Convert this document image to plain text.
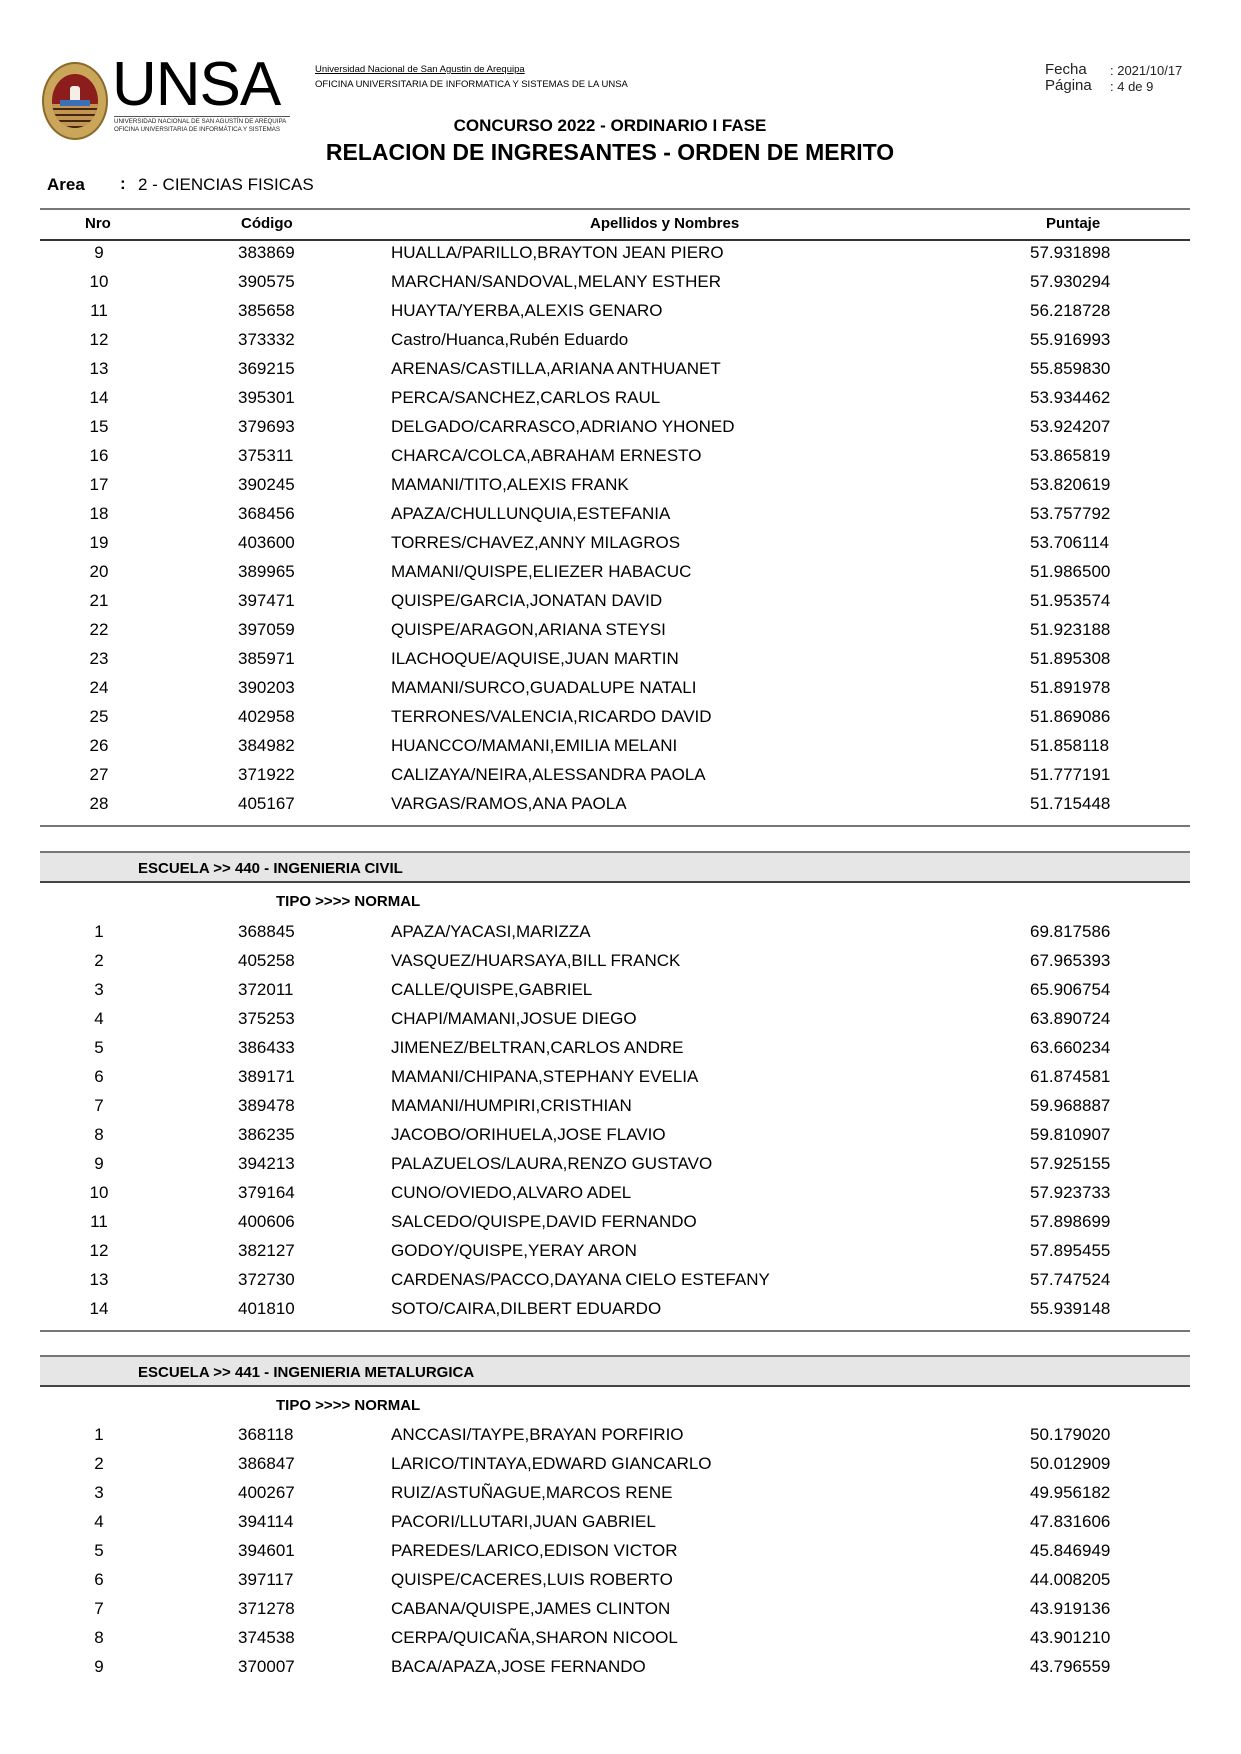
UNSA
UNIVERSIDAD NACIONAL DE SAN AGUSTÍN DE AREQUIPA
OFICINA UNIVERSITARIA DE INFORMÁTICA Y SISTEMAS
Universidad Nacional de San Agustin de Arequipa
OFICINA UNIVERSITARIA DE INFORMATICA Y SISTEMAS DE LA UNSA
Fecha : 2021/10/17
Página : 4 de 9
CONCURSO 2022 - ORDINARIO I FASE
RELACION DE INGRESANTES - ORDEN DE MERITO
Area : 2 - CIENCIAS FISICAS
Nro	Código	Apellidos y Nombres	Puntaje
9	383869	HUALLA/PARILLO,BRAYTON JEAN PIERO	57.931898
10	390575	MARCHAN/SANDOVAL,MELANY ESTHER	57.930294
11	385658	HUAYTA/YERBA,ALEXIS GENARO	56.218728
12	373332	Castro/Huanca,Rubén Eduardo	55.916993
13	369215	ARENAS/CASTILLA,ARIANA ANTHUANET	55.859830
14	395301	PERCA/SANCHEZ,CARLOS RAUL	53.934462
15	379693	DELGADO/CARRASCO,ADRIANO YHONED	53.924207
16	375311	CHARCA/COLCA,ABRAHAM ERNESTO	53.865819
17	390245	MAMANI/TITO,ALEXIS FRANK	53.820619
18	368456	APAZA/CHULLUNQUIA,ESTEFANIA	53.757792
19	403600	TORRES/CHAVEZ,ANNY MILAGROS	53.706114
20	389965	MAMANI/QUISPE,ELIEZER HABACUC	51.986500
21	397471	QUISPE/GARCIA,JONATAN DAVID	51.953574
22	397059	QUISPE/ARAGON,ARIANA STEYSI	51.923188
23	385971	ILACHOQUE/AQUISE,JUAN MARTIN	51.895308
24	390203	MAMANI/SURCO,GUADALUPE NATALI	51.891978
25	402958	TERRONES/VALENCIA,RICARDO DAVID	51.869086
26	384982	HUANCCO/MAMANI,EMILIA MELANI	51.858118
27	371922	CALIZAYA/NEIRA,ALESSANDRA PAOLA	51.777191
28	405167	VARGAS/RAMOS,ANA PAOLA	51.715448
ESCUELA >> 440 - INGENIERIA CIVIL
TIPO >>>> NORMAL
1	368845	APAZA/YACASI,MARIZZA	69.817586
2	405258	VASQUEZ/HUARSAYA,BILL FRANCK	67.965393
3	372011	CALLE/QUISPE,GABRIEL	65.906754
4	375253	CHAPI/MAMANI,JOSUE DIEGO	63.890724
5	386433	JIMENEZ/BELTRAN,CARLOS ANDRE	63.660234
6	389171	MAMANI/CHIPANA,STEPHANY EVELIA	61.874581
7	389478	MAMANI/HUMPIRI,CRISTHIAN	59.968887
8	386235	JACOBO/ORIHUELA,JOSE FLAVIO	59.810907
9	394213	PALAZUELOS/LAURA,RENZO GUSTAVO	57.925155
10	379164	CUNO/OVIEDO,ALVARO ADEL	57.923733
11	400606	SALCEDO/QUISPE,DAVID FERNANDO	57.898699
12	382127	GODOY/QUISPE,YERAY ARON	57.895455
13	372730	CARDENAS/PACCO,DAYANA CIELO ESTEFANY	57.747524
14	401810	SOTO/CAIRA,DILBERT EDUARDO	55.939148
ESCUELA >> 441 - INGENIERIA METALURGICA
TIPO >>>> NORMAL
1	368118	ANCCASI/TAYPE,BRAYAN PORFIRIO	50.179020
2	386847	LARICO/TINTAYA,EDWARD GIANCARLO	50.012909
3	400267	RUIZ/ASTUÑAGUE,MARCOS RENE	49.956182
4	394114	PACORI/LLUTARI,JUAN GABRIEL	47.831606
5	394601	PAREDES/LARICO,EDISON VICTOR	45.846949
6	397117	QUISPE/CACERES,LUIS ROBERTO	44.008205
7	371278	CABANA/QUISPE,JAMES CLINTON	43.919136
8	374538	CERPA/QUICAÑA,SHARON NICOOL	43.901210
9	370007	BACA/APAZA,JOSE FERNANDO	43.796559
